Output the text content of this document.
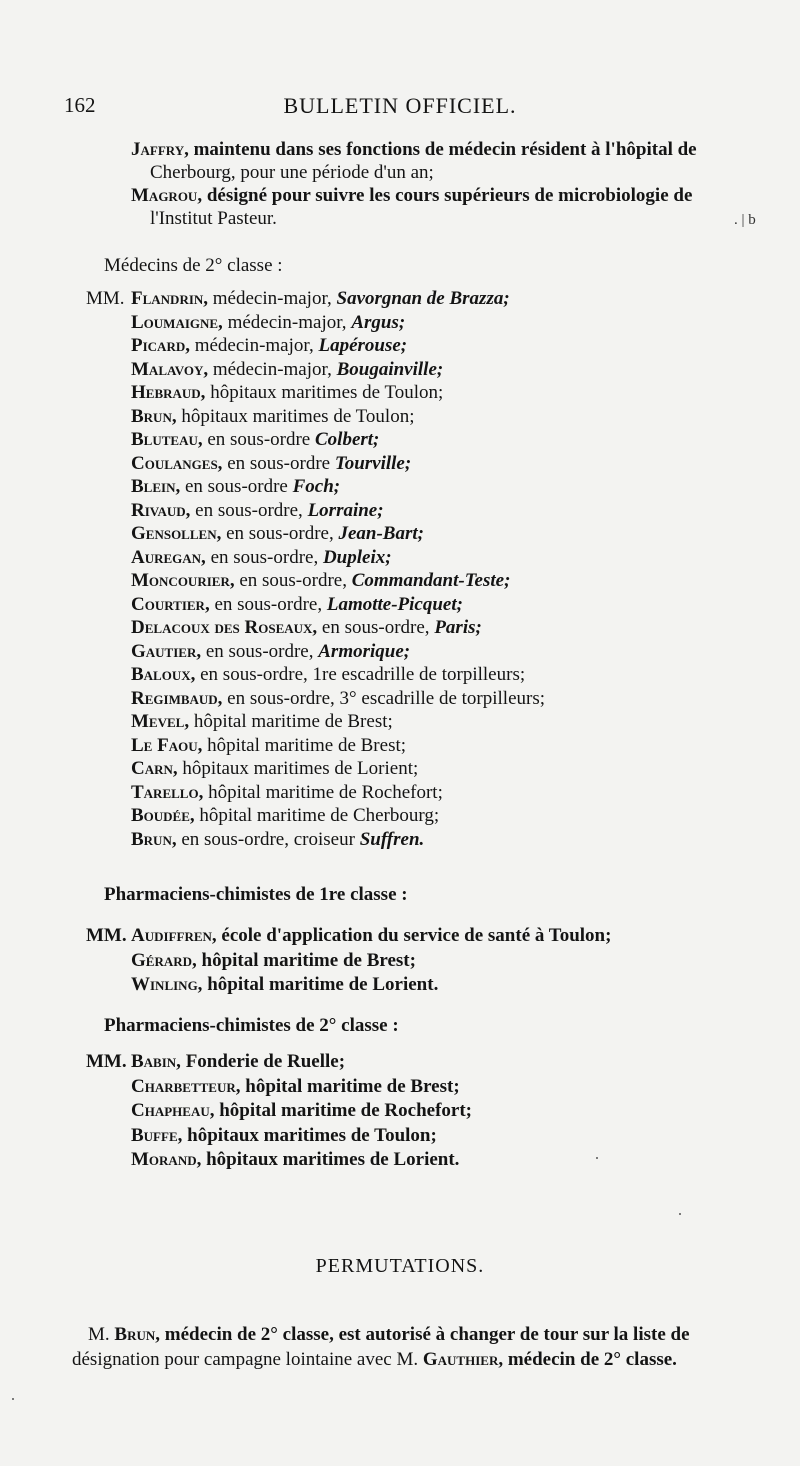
162	BULLETIN OFFICIEL.
Jaffry, maintenu dans ses fonctions de médecin résident à l'hôpital de
Cherbourg, pour une période d'un an;
Magrou, désigné pour suivre les cours supérieurs de microbiologie de
l'Institut Pasteur.	. | b
Médecins de 2° classe :
MM. Flandrin, médecin-major, Savorgnan de Brazza;
Loumaigne, médecin-major, Argus;
Picard, médecin-major, Lapérouse;
Malavoy, médecin-major, Bougainville;
Hebraud, hôpitaux maritimes de Toulon;
Brun, hôpitaux maritimes de Toulon;
Bluteau, en sous-ordre Colbert;
Coulanges, en sous-ordre Tourville;
Blein, en sous-ordre Foch;
Rivaud, en sous-ordre, Lorraine;
Gensollen, en sous-ordre, Jean-Bart;
Auregan, en sous-ordre, Dupleix;
Moncourier, en sous-ordre, Commandant-Teste;
Courtier, en sous-ordre, Lamotte-Picquet;
Delacoux des Roseaux, en sous-ordre, Paris;
Gautier, en sous-ordre, Armorique;
Baloux, en sous-ordre, 1re escadrille de torpilleurs;
Regimbaud, en sous-ordre, 3° escadrille de torpilleurs;
Mevel, hôpital maritime de Brest;
Le Faou, hôpital maritime de Brest;
Carn, hôpitaux maritimes de Lorient;
Tarello, hôpital maritime de Rochefort;
Boudée, hôpital maritime de Cherbourg;
Brun, en sous-ordre, croiseur Suffren.
Pharmaciens-chimistes de 1re classe :
MM. Audiffren, école d'application du service de santé à Toulon;
Gérard, hôpital maritime de Brest;
Winling, hôpital maritime de Lorient.
Pharmaciens-chimistes de 2° classe :
MM. Babin, Fonderie de Ruelle;
Charbetteur, hôpital maritime de Brest;
Chapheau, hôpital maritime de Rochefort;
Buffe, hôpitaux maritimes de Toulon;
Morand, hôpitaux maritimes de Lorient.
PERMUTATIONS.
M. Brun, médecin de 2° classe, est autorisé à changer de tour sur la liste de
désignation pour campagne lointaine avec M. Gauthier, médecin de 2° classe.
